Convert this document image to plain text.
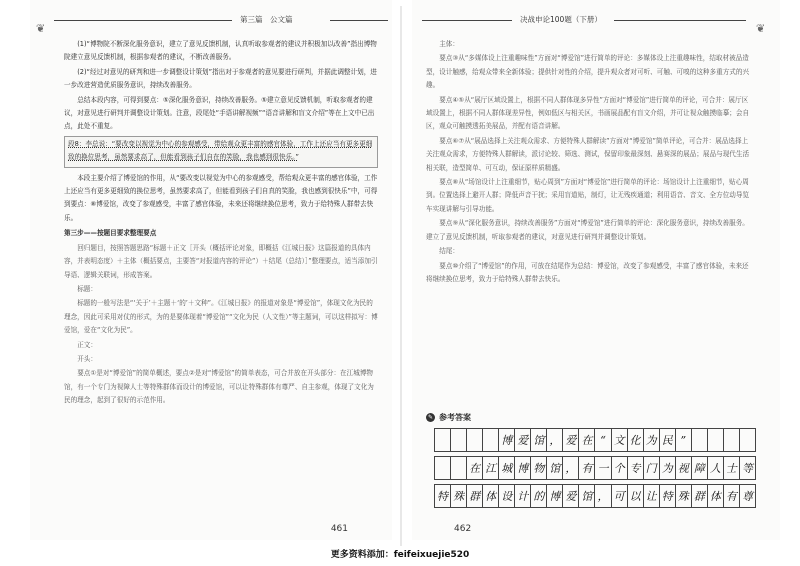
❦
第三篇　公文篇

(1)“博物院不断深化服务意识，建立了意见反馈机制，认真听取参观者的建议并积极加以改善”指出博物院建立意见反馈机制，根据参观者的建议，不断改善服务。

(2)“经过对意见的研判和进一步调整设计策划”指出对于参观者的意见要进行研判，并据此调整计划，进一步改进营造优质服务意识，持续改善服务。

总结本段内容，可得到要点：⑤深化服务意识，持续改善服务。⑤建立意见反馈机制，听取参观者的建议，对意见进行研判并调整设计策划。注意，段尾处“手语讲解视频”“语音讲解和盲文介绍”等在上文中已出点，此处不重复。

段8：李总说：“要改变以视觉为中心的参观感受，带给观众更丰富的感官体验，工作上还应当有更多更细致的换位思考，虽然要求高了，但能看到孩子们自在的笑脸，我也感到很快乐。”

本段主要介绍了博爱馆的作用，从“要改变以视觉为中心的参观感受，帮给观众更丰富的感官体验，工作上还应当有更多更细致的换位思考，虽然要求高了，但能看到孩子们自真的笑脸，我也感到很快乐”中，可得到要点：⑧博爱馆，改变了参观感受，丰富了感官体验，未来还将继续换位思考，致力于给特殊人群带去快乐。

第三步——按题目要求整理要点

回归题目，按照答题思路“标题＋正文［开头（概括评论对象，即概括《江城日报》这篇报道的具体内容，并表明态度）＋主体（概括要点，主要答“对报道内容的评论”）＋结尾（总结）］”整理要点，适当添加引导语、逻辑关联词，形成答案。

标题：

标题的一般写法是“‘关于’＋主题＋‘的’＋文种”。《江城日报》的报道对象是“博爱馆”，体现文化为民的理念，因此可采用对仗的形式，为的是要体现着“博爱馆”“文化为民（人文性）”等主题词，可以这样拟写：博爱馆，爱在“文化为民”。

正文：

开头：

要点①是对“博爱馆”的简单概述，要点②是对“博爱馆”的简单表态，可合并放在开头部分：在江城博物馆，有一个专门为视障人士等特殊群体而设计的博爱馆，可以让特殊群体有尊严、自主参观，体现了文化为民的理念，起到了很好的示范作用。

461
决战申论100题（下册）
❦

主体：

要点③从“多媒体设上注重趣味性”方面对“博爱馆”进行简单的评论：多媒体设上注重趣味性，结取材被品造型，设计触感，给观众带来全新体验；提供针对性的介绍，提升观众者对可听、可触、可嗅的这种多重方式的兴趣。

要点④⑤从“展厅区域设置上，根据不同人群体现多异性”方面对“博爱馆”进行简单的评论，可合并：展厅区域设置上，根据不同人群体现差异性，例如低区与相关区，书画展品配有盲文介绍，并可让视众触摸临摹；会自区，观众可触摸透拓美展品，并配有语音讲解。

要点⑥⑦从“展品选择上关注观众需求、方便特殊人群解读”方面对“博爱馆”简单评论，可合并：展品选择上关注观众需求，方便特殊人群解读，派讨论较、筛选、测试，保留印象最深刻、悬赛深的展品；展品与现代生活相关联，造型简单、可互动，保证原样质精盛。

要点⑧从“场馆设计上注重细节，贴心周到”方面对“博爱馆”进行简单的评论：场馆设计上注重细节，贴心周到。位置选择上避开人群；降低声音干扰；采用盲道贴，制灯，让无残疾通道；利用语音、音文、全方位动导览车实现讲解与引导功能。

要点⑨从“深化服务意识，持续改善服务”方面对“博爱馆”进行简单的评论：深化服务意识，持续改善服务。建立了意见反馈机制，听取参观者的建议，对意见进行研判并调整设计策划。

结尾：

要点⑩介绍了“博爱馆”的作用，可放在结尾作为总结：博爱馆，改变了参观感受，丰富了感官体验，未来还将继续换位思考，致力于给特殊人群带去快乐。

✎ 参考答案
博 爱 馆 ， 爱 在 “ 文 化 为 民 ”
在 江 城 博 物 馆 ， 有 一 个 专 门 为 视 障 人 士 等
特 殊 群 体 设 计 的 博 爱 馆 ， 可 以 让 特 殊 群 体 有 尊
462
更多资料添加：feifeixuejie520
